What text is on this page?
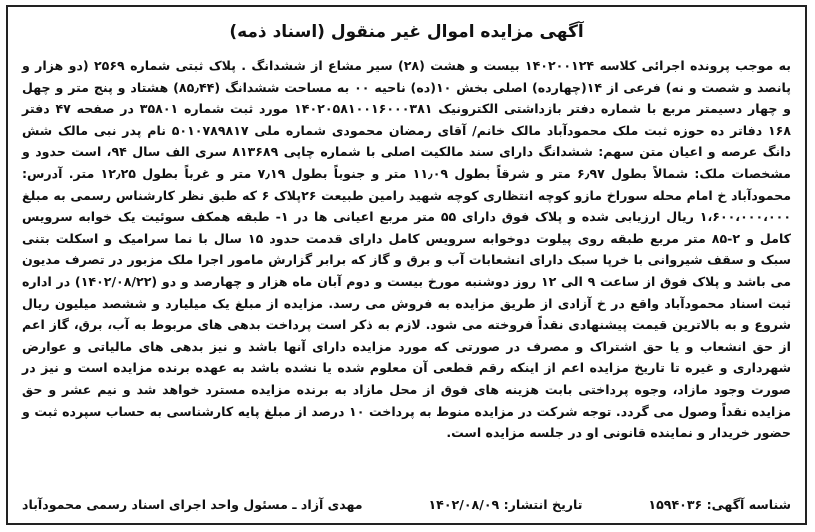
آگهی مزایده اموال غیر منقول (اسناد ذمه)
به موجب پرونده اجرائی کلاسه ۱۴۰۲۰۰۱۲۴ بیست و هشت (۲۸) سیر مشاع از ششدانگ . پلاک ثبتی شماره ۲۵۶۹ (دو هزار و پانصد و شصت و نه) فرعی از ۱۴(چهارده) اصلی بخش ۱۰(ده) ناحیه ۰۰ به مساحت ششدانگ (۸۵٫۴۴) هشتاد و پنج متر و چهل و چهار دسیمتر مربع با شماره دفتر بازداشتی الکترونیک ۱۴۰۲۰۵۸۱۰۰۱۶۰۰۰۳۸۱ مورد ثبت شماره ۳۵۸۰۱ در صفحه ۴۷ دفتر ۱۶۸ دفاتر ده حوزه ثبت ملک محمودآباد مالک خانم/ آقای رمضان محمودی شماره ملی ۵۰۱۰۷۸۹۸۱۷ نام پدر نبی مالک شش دانگ عرصه و اعیان متن سهم: ششدانگ دارای سند مالکیت اصلی با شماره چاپی ۸۱۳۶۸۹ سری الف سال ۹۴، است حدود و مشخصات ملک: شمالاً بطول ۶٫۹۷ متر و شرقاً بطول ۱۱٫۰۹ متر و جنوباً بطول ۷٫۱۹ متر و غرباً بطول ۱۲٫۲۵ متر. آدرس: محمودآباد خ امام محله سوراخ مازو کوچه انتظاری کوچه شهید رامین طبیعت ۲۶پلاک ۶ که طبق نظر کارشناس رسمی به مبلغ ۱،۶۰۰،۰۰۰،۰۰۰ ریال ارزیابی شده و پلاک فوق دارای ۵۵ متر مربع اعیانی ها در ۱- طبقه همکف سوئیت یک خوابه سرویس کامل و ۲-۸۵ متر مربع طبقه روی پیلوت دوخوابه سرویس کامل دارای قدمت حدود ۱۵ سال با نما سرامیک و اسکلت بتنی سبک و سقف شیروانی با خرپا سبک دارای انشعابات آب و برق و گاز که برابر گزارش مامور اجرا ملک مزبور در تصرف مدیون می باشد و پلاک فوق از ساعت ۹ الی ۱۲ روز دوشنبه مورخ بیست و دوم آبان ماه هزار و چهارصد و دو (۱۴۰۲/۰۸/۲۲) در اداره ثبت اسناد محمودآباد واقع در خ آزادی از طریق مزایده به فروش می رسد. مزایده از مبلغ یک میلیارد و ششصد میلیون ریال شروع و به بالاترین قیمت پیشنهادی نقداً فروخته می شود. لازم به ذکر است پرداخت بدهی های مربوط به آب، برق، گاز اعم از حق انشعاب و یا حق اشتراک و مصرف در صورتی که مورد مزایده دارای آنها باشد و نیز بدهی های مالیاتی و عوارض شهرداری و غیره تا تاریخ مزایده اعم از اینکه رقم قطعی آن معلوم شده یا نشده باشد به عهده برنده مزایده است و نیز در صورت وجود مازاد، وجوه پرداختی بابت هزینه های فوق از محل مازاد به برنده مزایده مسترد خواهد شد و نیم عشر و حق مزایده نقداً وصول می گردد. توجه شرکت در مزایده منوط به پرداخت ۱۰ درصد از مبلغ پایه کارشناسی به حساب سپرده ثبت و حضور خریدار و نماینده قانونی او در جلسه مزایده است.
شناسه آگهی: ۱۵۹۴۰۳۶
تاریخ انتشار: ۱۴۰۲/۰۸/۰۹
مهدی آزاد ـ مسئول واحد اجرای اسناد رسمی محمودآباد
